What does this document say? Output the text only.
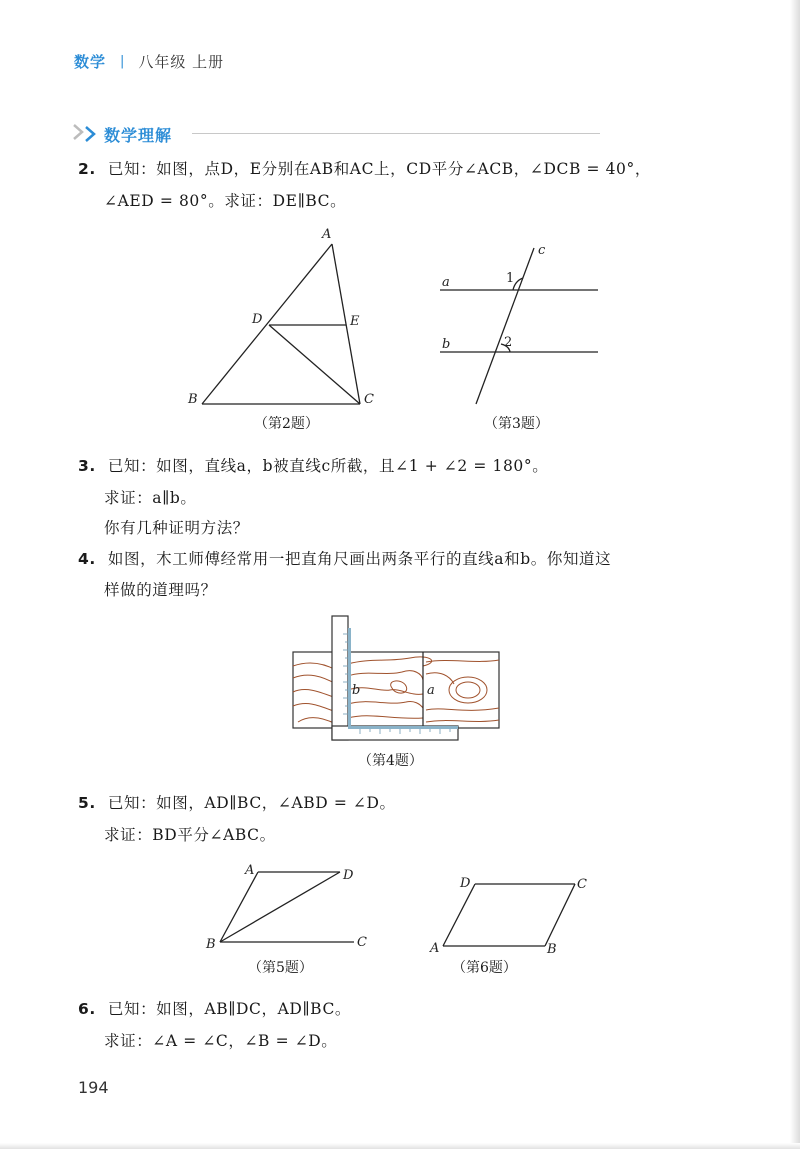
数学 | 八年级 上册
数学理解
2. 已知：如图，点D，E分别在AB和AC上，CD平分∠ACB，∠DCB = 40°，
∠AED = 80°。求证：DE∥BC。
A
B	C
D	E
（第2题）
a
b
c
1
2
（第3题）
3. 已知：如图，直线a，b被直线c所截，且∠1 + ∠2 = 180°。
求证：a∥b。
你有几种证明方法？
4. 如图，木工师傅经常用一把直角尺画出两条平行的直线a和b。你知道这
样做的道理吗？
b	a
（第4题）
5. 已知：如图，AD∥BC，∠ABD = ∠D。
求证：BD平分∠ABC。
A	D
B	C
（第5题）
D	C
A	B
（第6题）
6. 已知：如图，AB∥DC，AD∥BC。
求证：∠A = ∠C，∠B = ∠D。
194
